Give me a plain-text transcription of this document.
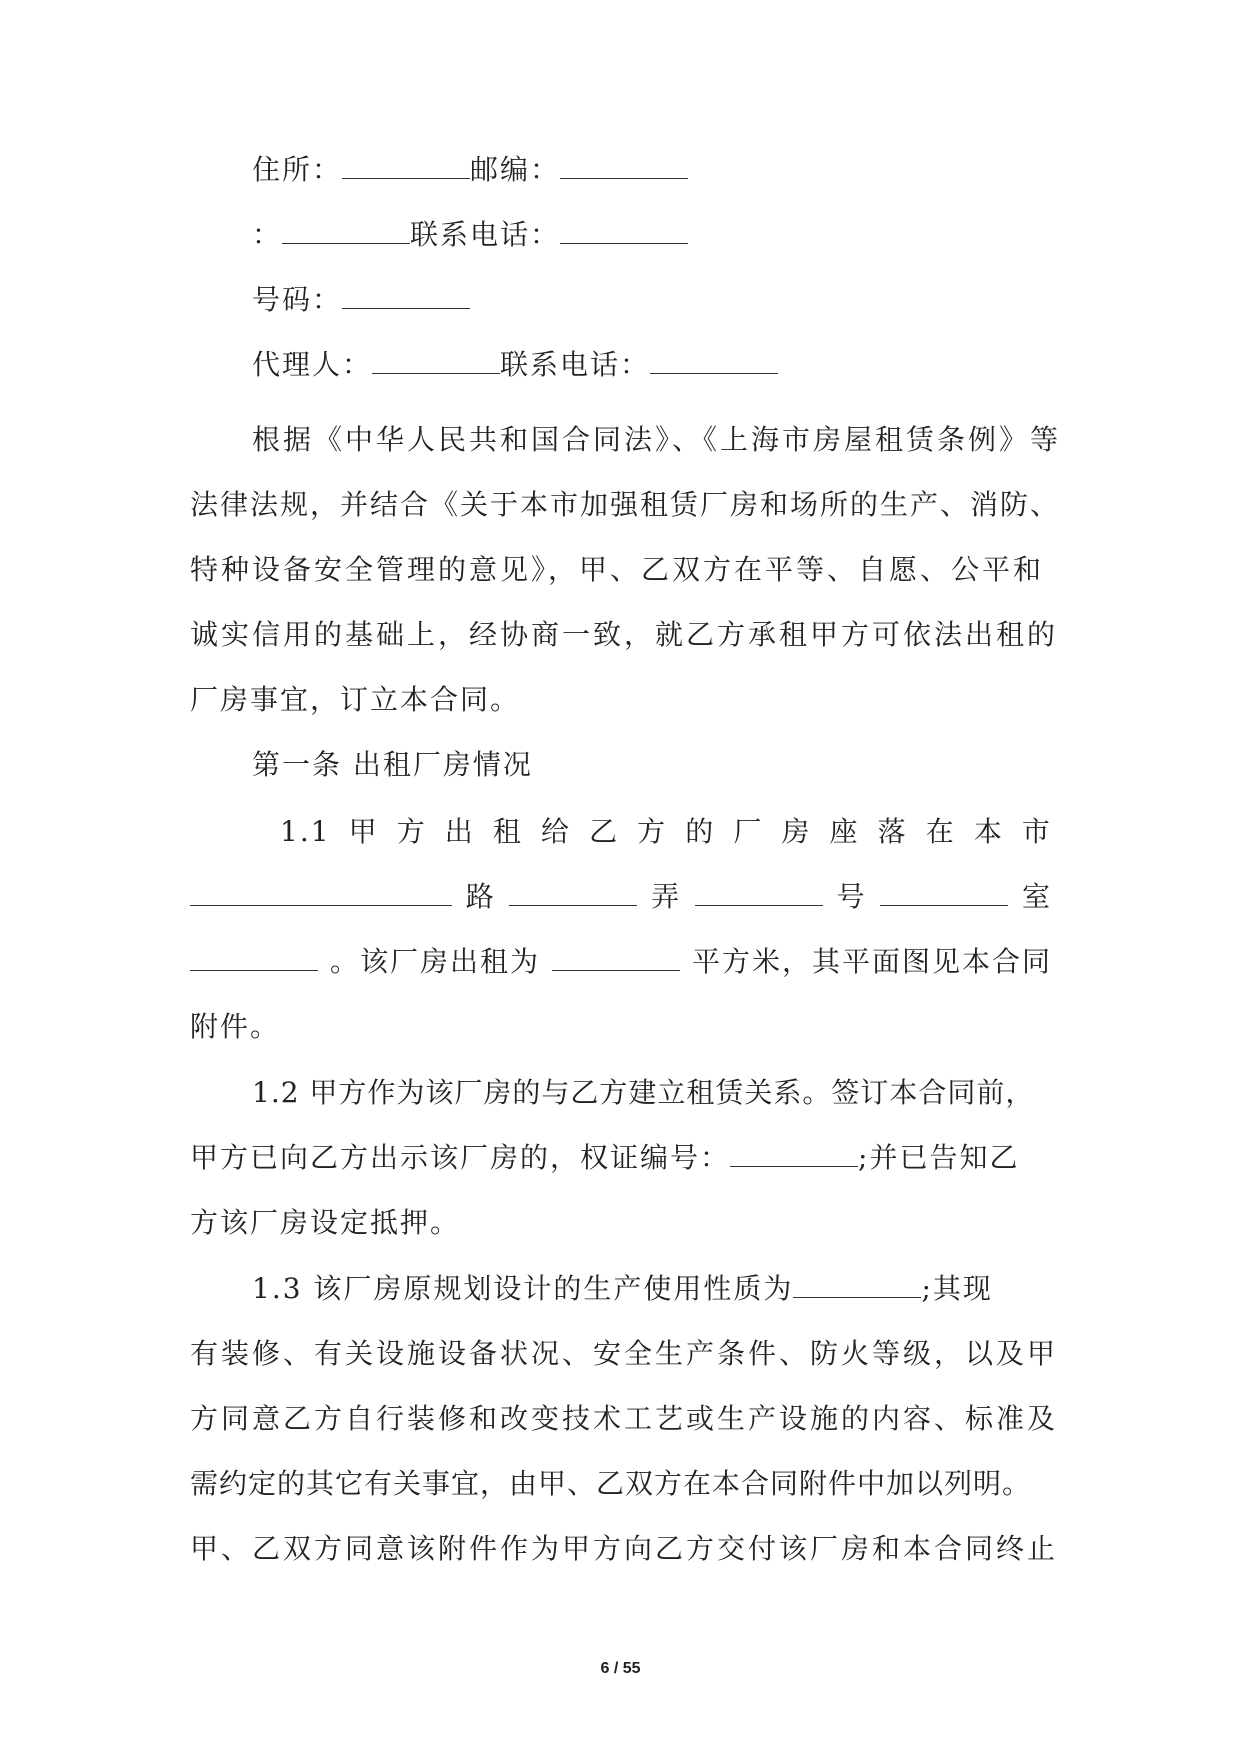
住所：	邮编：
：	联系电话：
号码：
代理人：	联系电话：
根据《中华人民共和国合同法》、《上海市房屋租赁条例》等
法律法规，并结合《关于本市加强租赁厂房和场所的生产、消防、
特种设备安全管理的意见》，甲、乙双方在平等、自愿、公平和
诚实信用的基础上，经协商一致，就乙方承租甲方可依法出租的
厂房事宜，订立本合同。
第一条 出租厂房情况
1.1 甲 方 出 租 给 乙 方 的 厂 房 座 落 在 本 市
路	弄	号	室
。该厂房出租为	平方米，其平面图见本合同
附件。
1.2 甲方作为该厂房的与乙方建立租赁关系。签订本合同前，
甲方已向乙方出示该厂房的，权证编号：	;并已告知乙
方该厂房设定抵押。
1.3 该厂房原规划设计的生产使用性质为	;其现
有装修、有关设施设备状况、安全生产条件、防火等级，以及甲
方同意乙方自行装修和改变技术工艺或生产设施的内容、标准及
需约定的其它有关事宜，由甲、乙双方在本合同附件中加以列明。
甲、乙双方同意该附件作为甲方向乙方交付该厂房和本合同终止
6 / 55
